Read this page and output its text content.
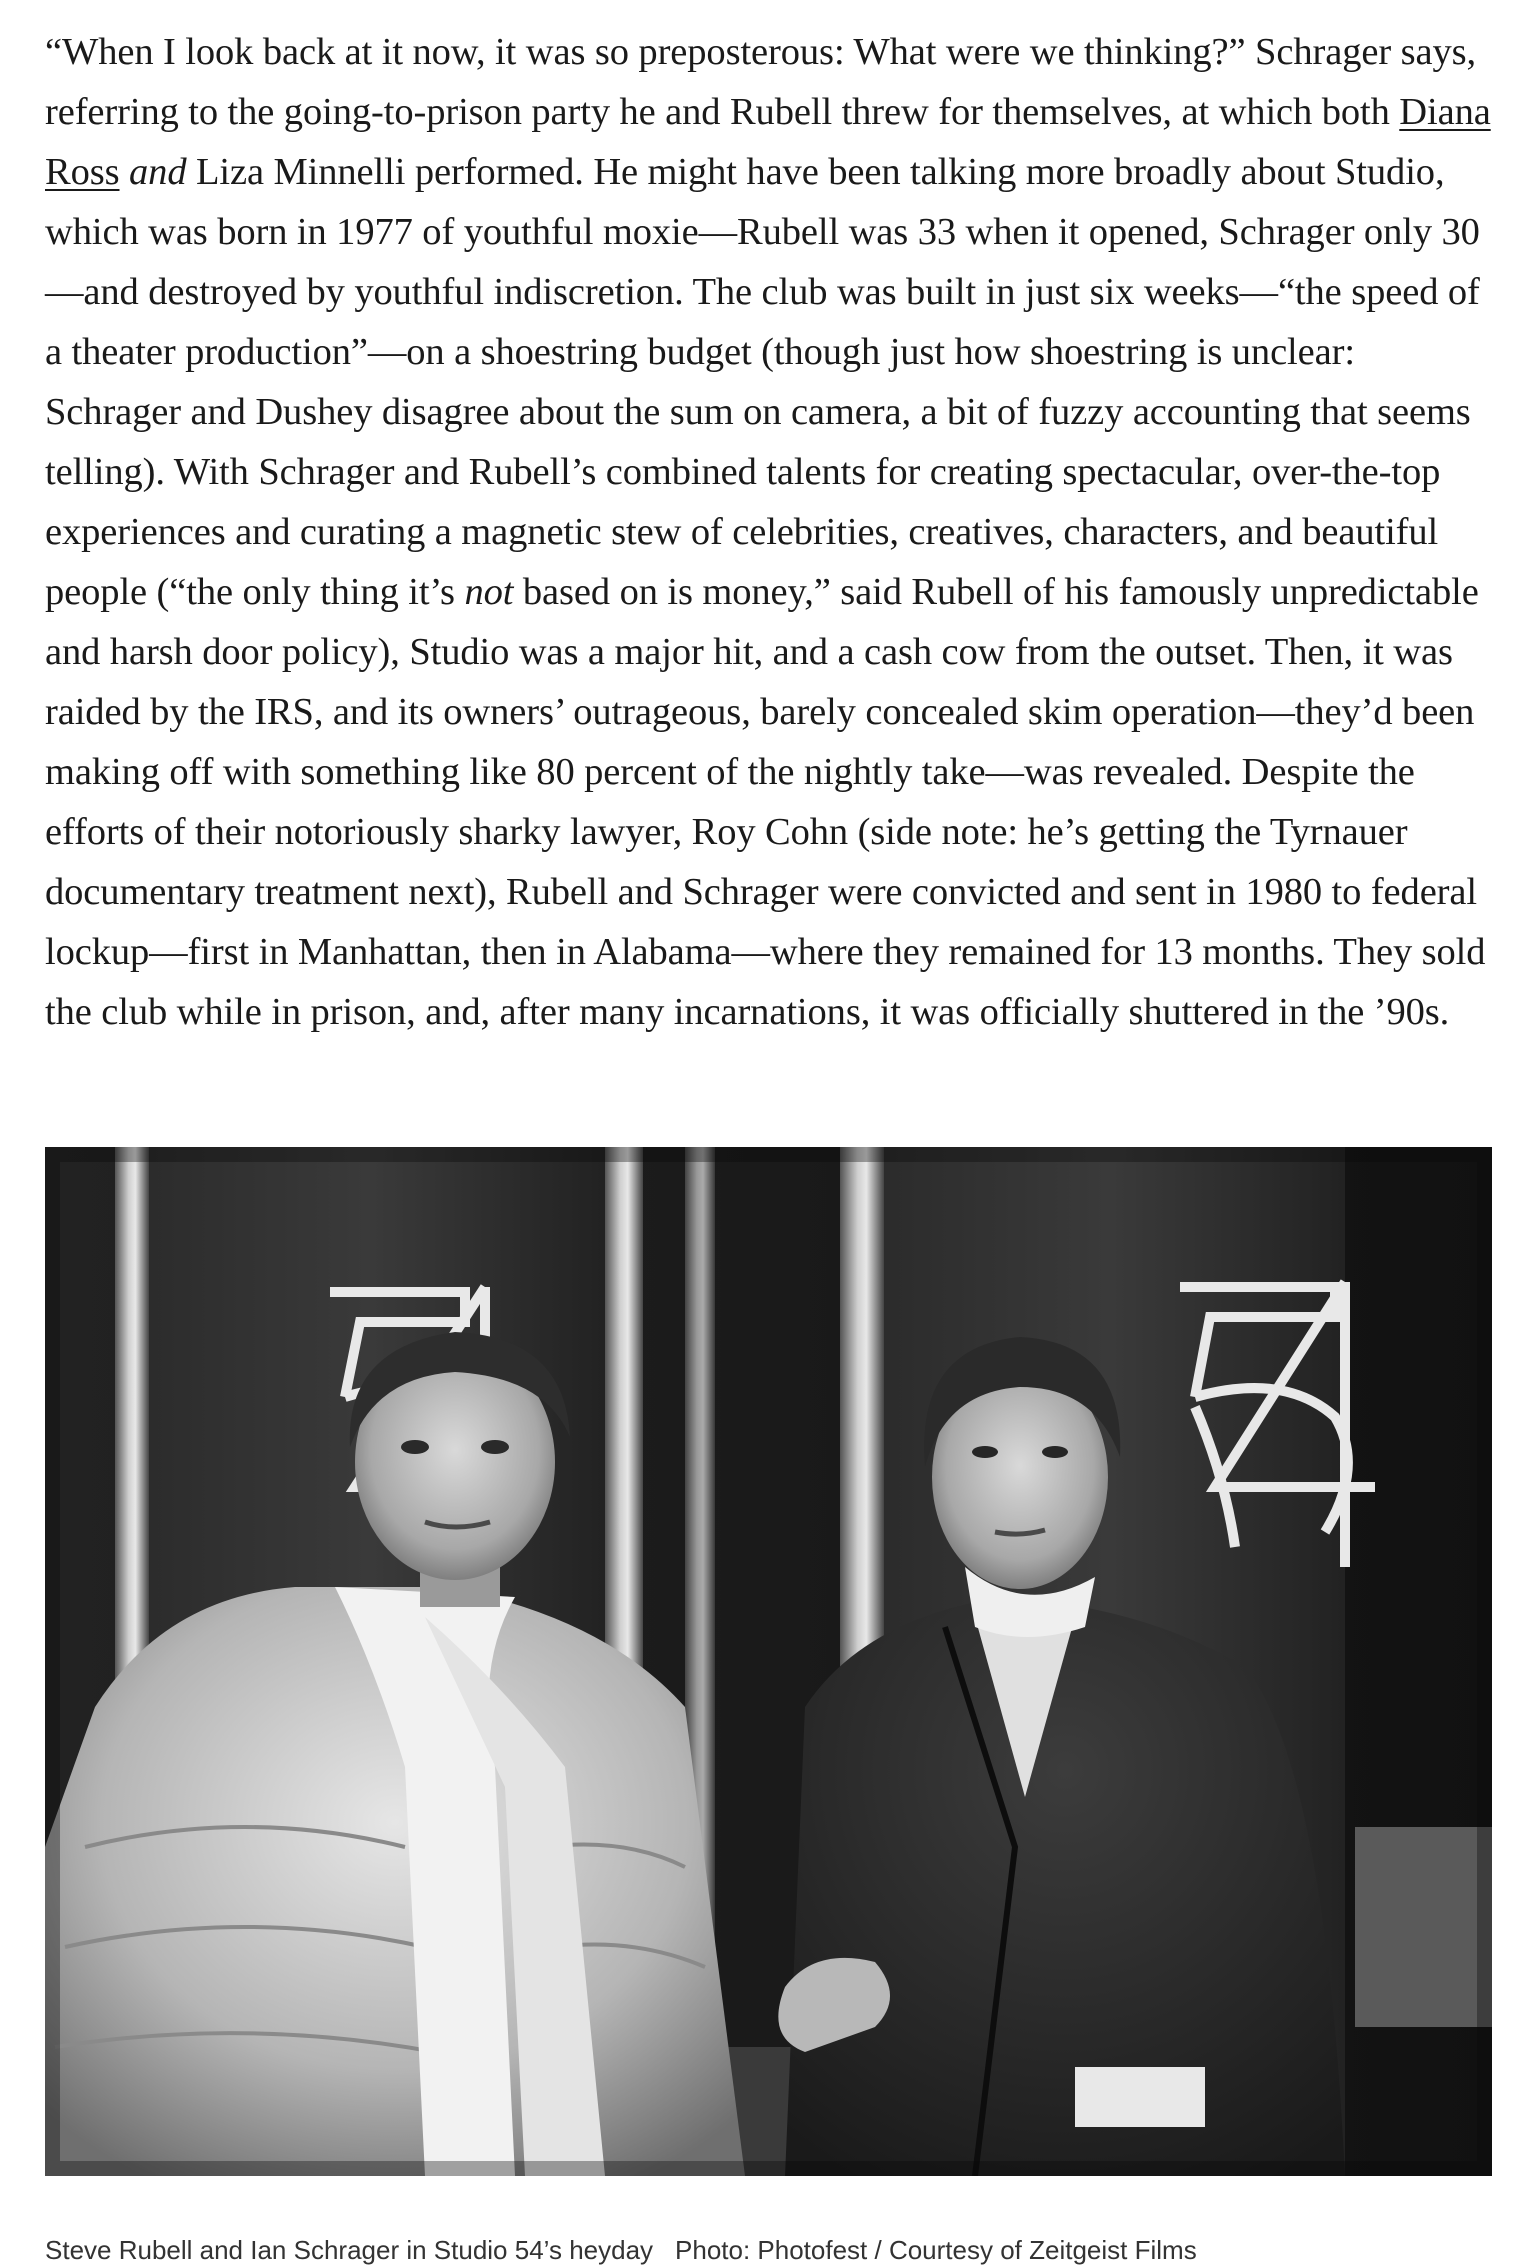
“When I look back at it now, it was so preposterous: What were we thinking?” Schrager says, referring to the going-to-prison party he and Rubell threw for themselves, at which both Diana Ross and Liza Minnelli performed. He might have been talking more broadly about Studio, which was born in 1977 of youthful moxie—Rubell was 33 when it opened, Schrager only 30—and destroyed by youthful indiscretion. The club was built in just six weeks—“the speed of a theater production”—on a shoestring budget (though just how shoestring is unclear: Schrager and Dushey disagree about the sum on camera, a bit of fuzzy accounting that seems telling). With Schrager and Rubell’s combined talents for creating spectacular, over-the-top experiences and curating a magnetic stew of celebrities, creatives, characters, and beautiful people (“the only thing it’s not based on is money,” said Rubell of his famously unpredictable and harsh door policy), Studio was a major hit, and a cash cow from the outset. Then, it was raided by the IRS, and its owners’ outrageous, barely concealed skim operation—they’d been making off with something like 80 percent of the nightly take—was revealed. Despite the efforts of their notoriously sharky lawyer, Roy Cohn (side note: he’s getting the Tyrnauer documentary treatment next), Rubell and Schrager were convicted and sent in 1980 to federal lockup—first in Manhattan, then in Alabama—where they remained for 13 months. They sold the club while in prison, and, after many incarnations, it was officially shuttered in the ’90s.

Steve Rubell and Ian Schrager in Studio 54’s heyday Photo: Photofest / Courtesy of Zeitgeist Films
